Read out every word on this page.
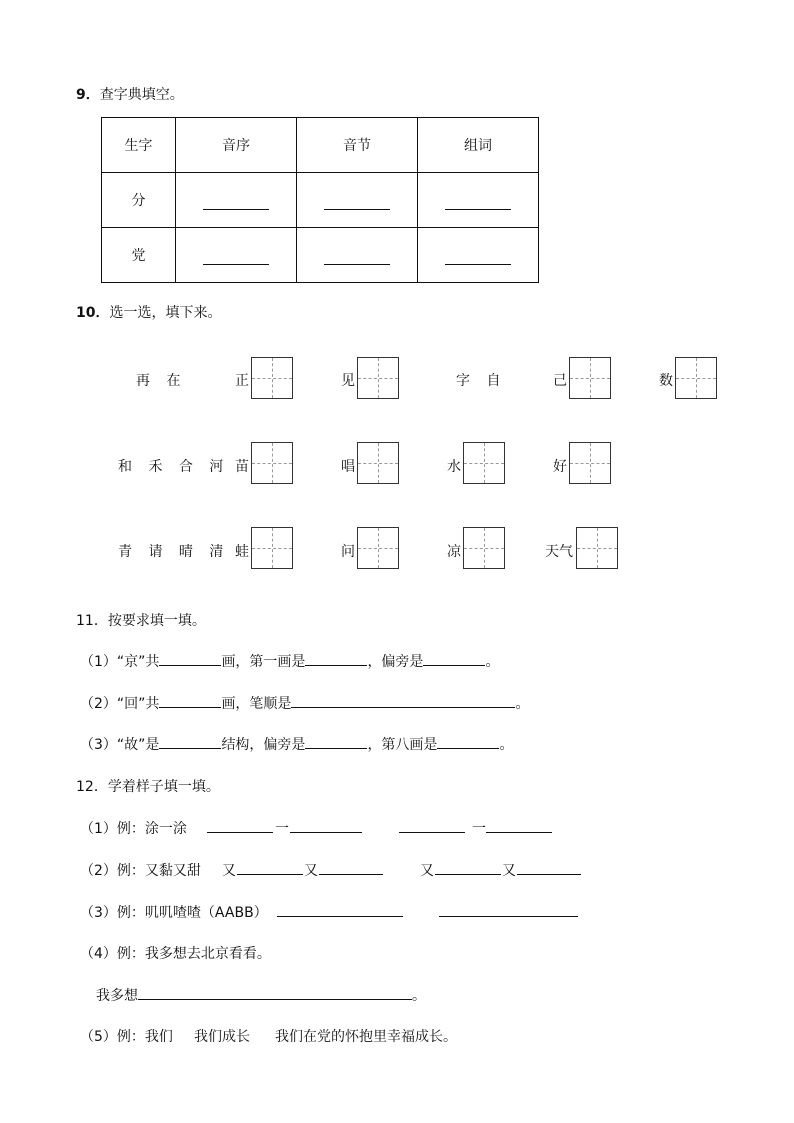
9．查字典填空。
生字	音序	音节	组词
分			
党			
10．选一选，填下来。
再 在	正	见	字 自	己	数
和 禾 合 河 苗	唱	水	好
青 请 晴 清 蛙	问	凉	天气
11．按要求填一填。
（1）“京”共	画，第一画是	，偏旁是	。
（2）“回”共	画，笔顺是	。
（3）“故”是	结构，偏旁是	，第八画是	。
12．学着样子填一填。
（1）例：涂一涂	一	一
（2）例：又黏又甜 又	又	又	又
（3）例：叽叽喳喳（AABB）
（4）例：我多想去北京看看。
我多想	。
（5）例：我们 我们成长 我们在党的怀抱里幸福成长。
